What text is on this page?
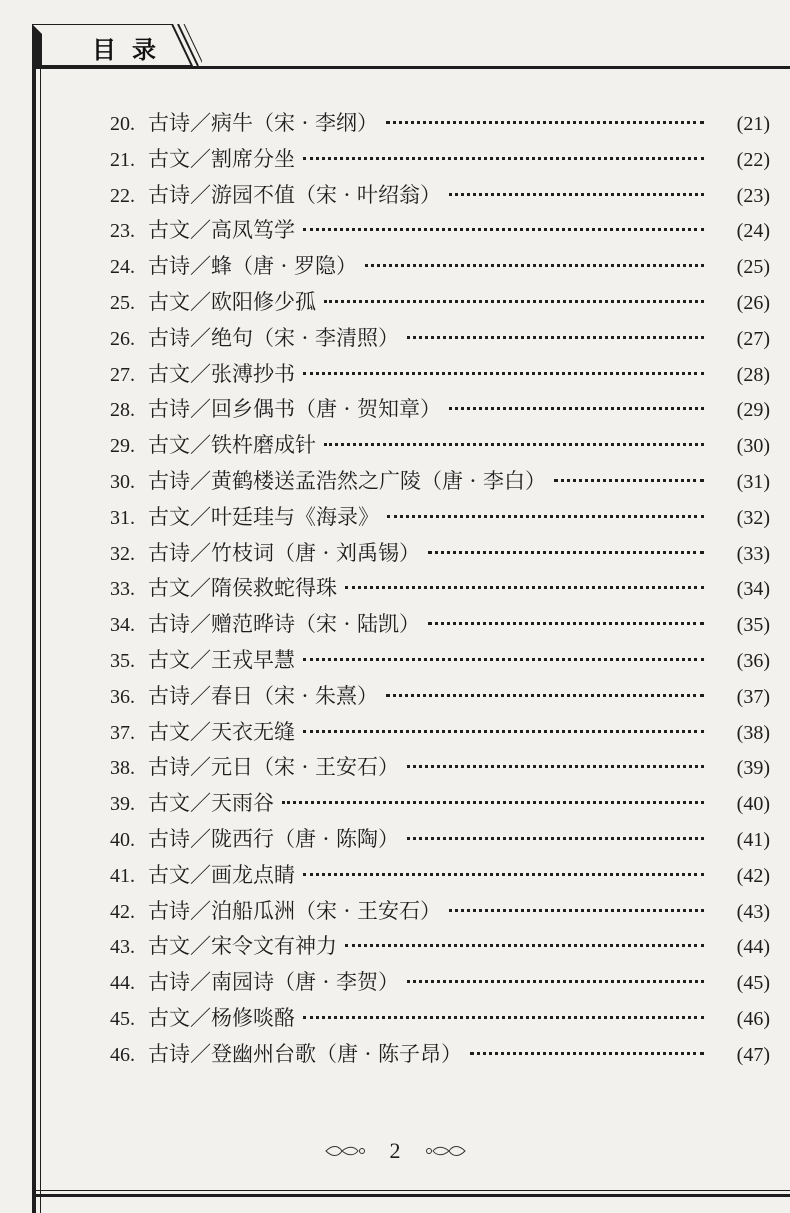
目录
20. 古诗／病牛（宋 · 李纲）	(21)
21. 古文／割席分坐	(22)
22. 古诗／游园不值（宋 · 叶绍翁）	(23)
23. 古文／高凤笃学	(24)
24. 古诗／蜂（唐 · 罗隐）	(25)
25. 古文／欧阳修少孤	(26)
26. 古诗／绝句（宋 · 李清照）	(27)
27. 古文／张溥抄书	(28)
28. 古诗／回乡偶书（唐 · 贺知章）	(29)
29. 古文／铁杵磨成针	(30)
30. 古诗／黄鹤楼送孟浩然之广陵（唐 · 李白）	(31)
31. 古文／叶廷珪与《海录》	(32)
32. 古诗／竹枝词（唐 · 刘禹锡）	(33)
33. 古文／隋侯救蛇得珠	(34)
34. 古诗／赠范晔诗（宋 · 陆凯）	(35)
35. 古文／王戎早慧	(36)
36. 古诗／春日（宋 · 朱熹）	(37)
37. 古文／天衣无缝	(38)
38. 古诗／元日（宋 · 王安石）	(39)
39. 古文／天雨谷	(40)
40. 古诗／陇西行（唐 · 陈陶）	(41)
41. 古文／画龙点睛	(42)
42. 古诗／泊船瓜洲（宋 · 王安石）	(43)
43. 古文／宋令文有神力	(44)
44. 古诗／南园诗（唐 · 李贺）	(45)
45. 古文／杨修啖酪	(46)
46. 古诗／登幽州台歌（唐 · 陈子昂）	(47)
2
